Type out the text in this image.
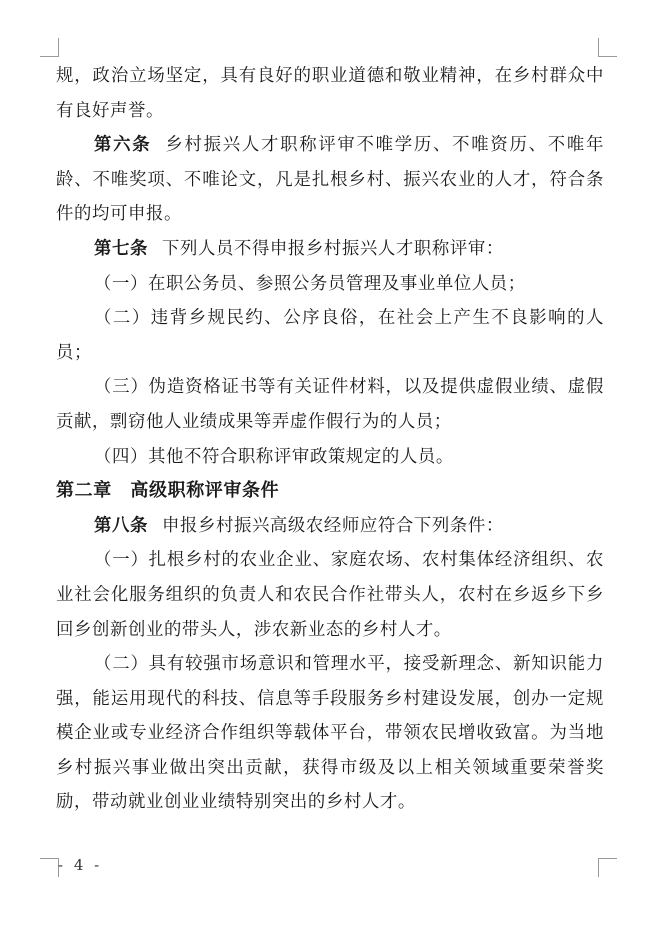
规，政治立场坚定，具有良好的职业道德和敬业精神，在乡村群众中有良好声誉。

第六条 乡村振兴人才职称评审不唯学历、不唯资历、不唯年龄、不唯奖项、不唯论文，凡是扎根乡村、振兴农业的人才，符合条件的均可申报。

第七条 下列人员不得申报乡村振兴人才职称评审：

（一）在职公务员、参照公务员管理及事业单位人员；

（二）违背乡规民约、公序良俗，在社会上产生不良影响的人员；

（三）伪造资格证书等有关证件材料，以及提供虚假业绩、虚假贡献，剽窃他人业绩成果等弄虚作假行为的人员；

（四）其他不符合职称评审政策规定的人员。

第二章　高级职称评审条件

第八条 申报乡村振兴高级农经师应符合下列条件：

（一）扎根乡村的农业企业、家庭农场、农村集体经济组织、农业社会化服务组织的负责人和农民合作社带头人，农村在乡返乡下乡回乡创新创业的带头人，涉农新业态的乡村人才。

（二）具有较强市场意识和管理水平，接受新理念、新知识能力强，能运用现代的科技、信息等手段服务乡村建设发展，创办一定规模企业或专业经济合作组织等载体平台，带领农民增收致富。为当地乡村振兴事业做出突出贡献，获得市级及以上相关领域重要荣誉奖励，带动就业创业业绩特别突出的乡村人才。

- 4 -
